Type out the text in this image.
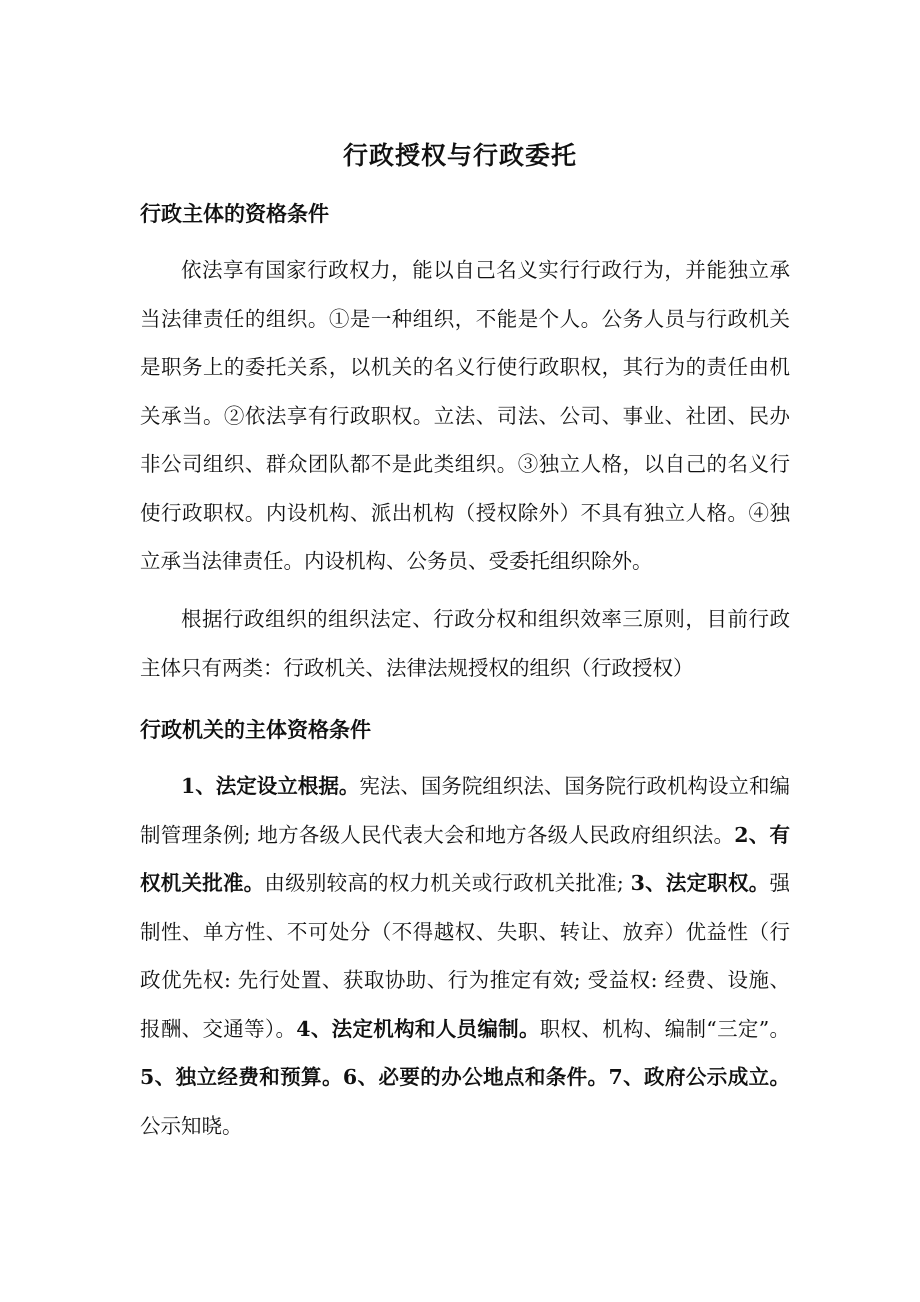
行政授权与行政委托
行政主体的资格条件

依法享有国家行政权力，能以自己名义实行行政行为，并能独立承当法律责任的组织。①是一种组织，不能是个人。公务人员与行政机关是职务上的委托关系，以机关的名义行使行政职权，其行为的责任由机关承当。②依法享有行政职权。立法、司法、公司、事业、社团、民办非公司组织、群众团队都不是此类组织。③独立人格，以自己的名义行使行政职权。内设机构、派出机构（授权除外）不具有独立人格。④独立承当法律责任。内设机构、公务员、受委托组织除外。

根据行政组织的组织法定、行政分权和组织效率三原则，目前行政主体只有两类：行政机关、法律法规授权的组织（行政授权）

行政机关的主体资格条件

1、法定设立根据。宪法、国务院组织法、国务院行政机构设立和编制管理条例; 地方各级人民代表大会和地方各级人民政府组织法。2、有权机关批准。由级别较高的权力机关或行政机关批准; 3、法定职权。强制性、单方性、不可处分（不得越权、失职、转让、放弃）优益性（行政优先权: 先行处置、获取协助、行为推定有效; 受益权: 经费、设施、报酬、交通等）。4、法定机构和人员编制。职权、机构、编制“三定”。5、独立经费和预算。6、必要的办公地点和条件。7、政府公示成立。公示知晓。
